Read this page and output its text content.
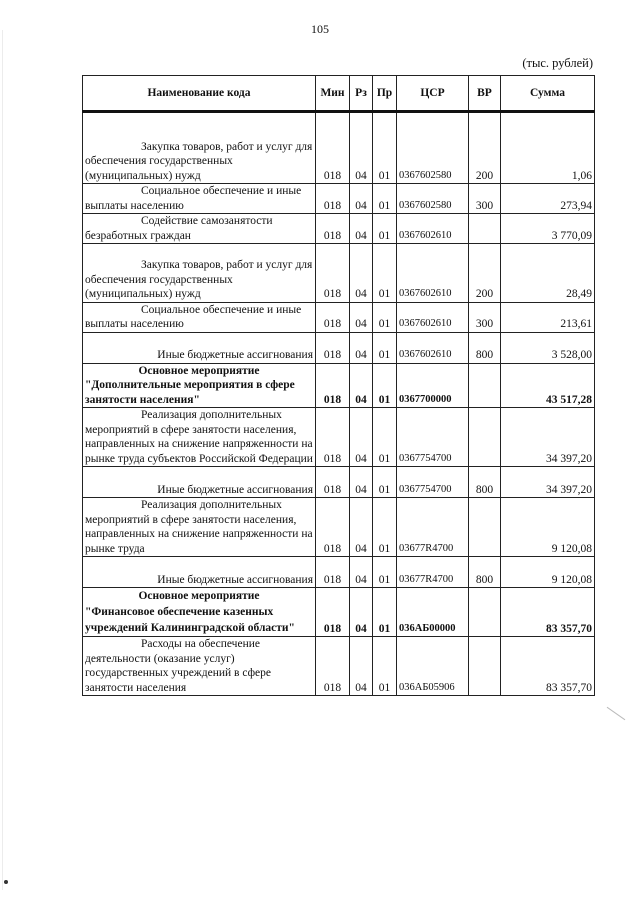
105
(тыс. рублей)
Наименование кода	Мин	Рз	Пр	ЦСР	ВР	Сумма

Закупка товаров, работ и услуг для обеспечения государственных (муниципальных) нужд	018	04	01	0367602580	200	1,06
Социальное обеспечение и иные выплаты населению	018	04	01	0367602580	300	273,94
Содействие самозанятости безработных граждан	018	04	01	0367602610		3 770,09
Закупка товаров, работ и услуг для обеспечения государственных (муниципальных) нужд	018	04	01	0367602610	200	28,49
Социальное обеспечение и иные выплаты населению	018	04	01	0367602610	300	213,61
Иные бюджетные ассигнования	018	04	01	0367602610	800	3 528,00

Основное мероприятие
"Дополнительные мероприятия в сфере занятости населения"	018	04	01	0367700000		43 517,28
Реализация дополнительных мероприятий в сфере занятости населения, направленных на снижение напряженности на рынке труда субъектов Российской Федерации	018	04	01	0367754700		34 397,20
Иные бюджетные ассигнования	018	04	01	0367754700	800	34 397,20
Реализация дополнительных мероприятий в сфере занятости населения, направленных на снижение напряженности на рынке труда	018	04	01	03677R4700		9 120,08
Иные бюджетные ассигнования	018	04	01	03677R4700	800	9 120,08

Основное мероприятие
"Финансовое обеспечение казенных учреждений Калининградской области"	018	04	01	036АБ00000		83 357,70
Расходы на обеспечение деятельности (оказание услуг) государственных учреждений в сфере занятости населения	018	04	01	036АБ05906		83 357,70
